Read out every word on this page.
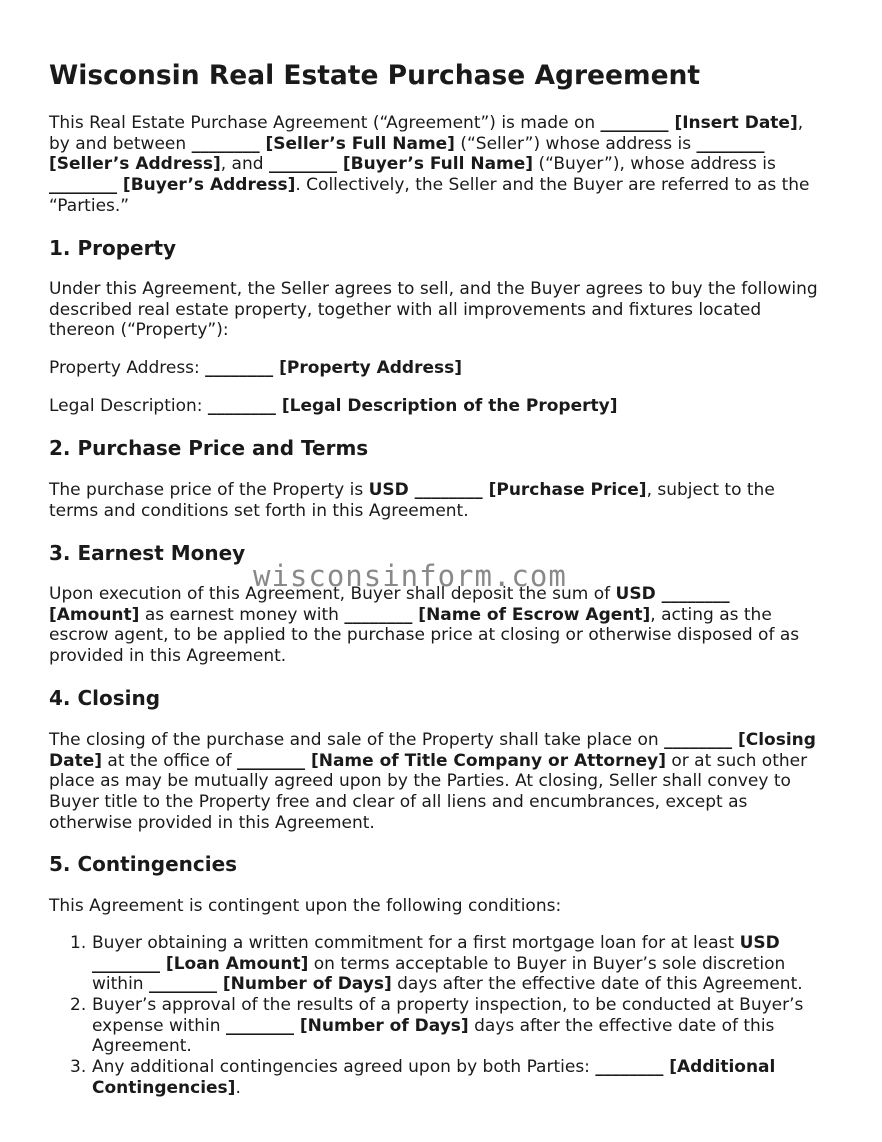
Wisconsin Real Estate Purchase Agreement
This Real Estate Purchase Agreement (“Agreement”) is made on ________ [Insert Date],
by and between ________ [Seller’s Full Name] (“Seller”) whose address is ________
[Seller’s Address], and ________ [Buyer’s Full Name] (“Buyer”), whose address is
________ [Buyer’s Address]. Collectively, the Seller and the Buyer are referred to as the
“Parties.”
1. Property
Under this Agreement, the Seller agrees to sell, and the Buyer agrees to buy the following
described real estate property, together with all improvements and fixtures located
thereon (“Property”):
Property Address: ________ [Property Address]
Legal Description: ________ [Legal Description of the Property]
2. Purchase Price and Terms
The purchase price of the Property is USD ________ [Purchase Price], subject to the
terms and conditions set forth in this Agreement.
3. Earnest Money
Upon execution of this Agreement, Buyer shall deposit the sum of USD ________
[Amount] as earnest money with ________ [Name of Escrow Agent], acting as the
escrow agent, to be applied to the purchase price at closing or otherwise disposed of as
provided in this Agreement.
4. Closing
The closing of the purchase and sale of the Property shall take place on ________ [Closing
Date] at the office of ________ [Name of Title Company or Attorney] or at such other
place as may be mutually agreed upon by the Parties. At closing, Seller shall convey to
Buyer title to the Property free and clear of all liens and encumbrances, except as
otherwise provided in this Agreement.
5. Contingencies
This Agreement is contingent upon the following conditions:
1. Buyer obtaining a written commitment for a first mortgage loan for at least USD
________ [Loan Amount] on terms acceptable to Buyer in Buyer’s sole discretion
within ________ [Number of Days] days after the effective date of this Agreement.
2. Buyer’s approval of the results of a property inspection, to be conducted at Buyer’s
expense within ________ [Number of Days] days after the effective date of this
Agreement.
3. Any additional contingencies agreed upon by both Parties: ________ [Additional
Contingencies].
wisconsinform.com
